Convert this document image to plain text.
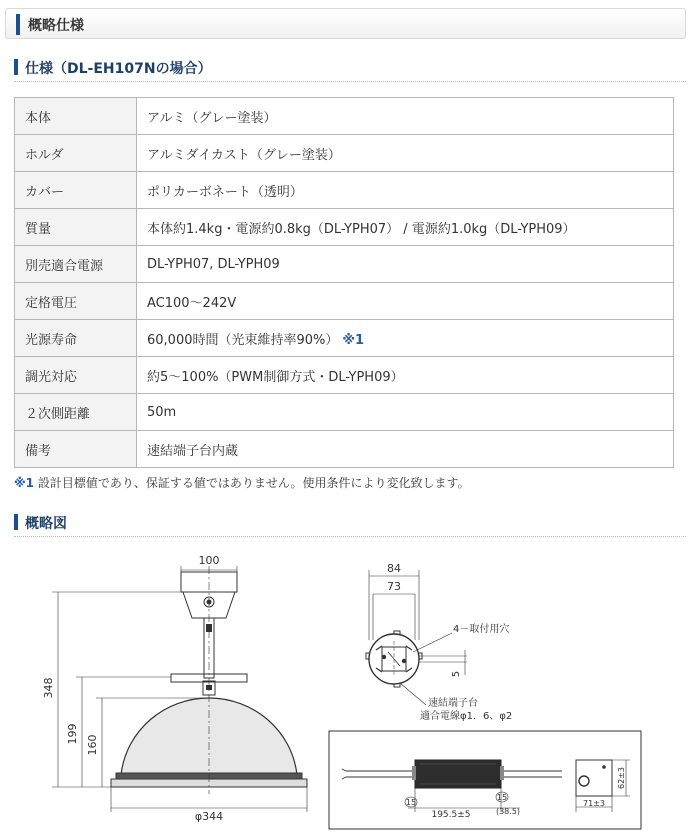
概略仕様
仕様（DL-EH107Nの場合）
本体	アルミ（グレー塗装）
ホルダ	アルミダイカスト（グレー塗装）
カバー	ポリカーボネート（透明）
質量	本体約1.4kg・電源約0.8kg（DL-YPH07） / 電源約1.0kg（DL-YPH09）
別売適合電源	DL-YPH07, DL-YPH09
定格電圧	AC100〜242V
光源寿命	60,000時間（光束維持率90%） ※1
調光対応	約5〜100%（PWM制御方式・DL-YPH09）
２次側距離	50m
備考	速結端子台内蔵
※1 設計目標値であり、保証する値ではありません。使用条件により変化致します。
概略図
100
348
199
160
φ344
84
73
4－取付用穴
5
速結端子台
適合電線φ1．6、φ2
15
15
195.5±5	(38.5)
71±3
62±3
